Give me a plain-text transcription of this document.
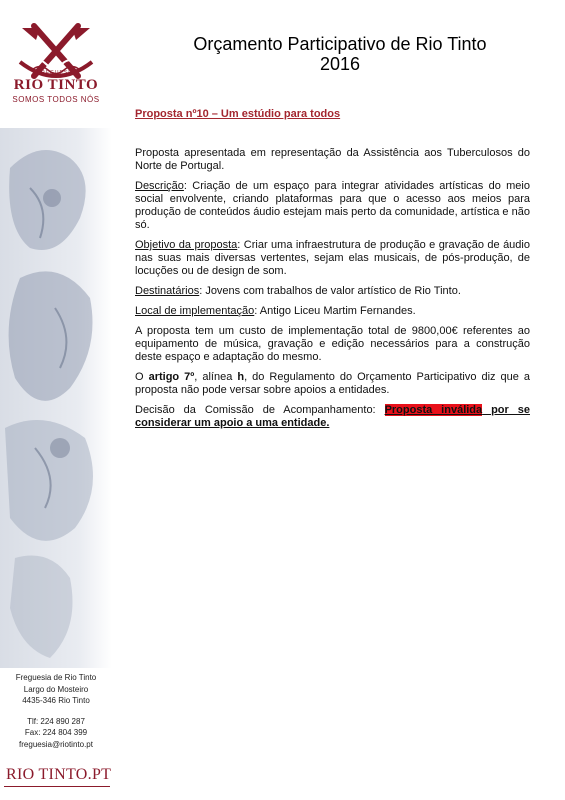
FREGUESIA
RIO TINTO
SOMOS TODOS NÓS
Freguesia de Rio Tinto
Largo do Mosteiro
4435-346 Rio Tinto
Tlf: 224 890 287
Fax: 224 804 399
freguesia@riotinto.pt
RIO TINTO.PT
Orçamento Participativo de Rio Tinto
2016
Proposta nº10 – Um estúdio para todos

Proposta apresentada em representação da Assistência aos Tuberculosos do Norte de Portugal.

Descrição: Criação de um espaço para integrar atividades artísticas do meio social envolvente, criando plataformas para que o acesso aos meios para produção de conteúdos áudio estejam mais perto da comunidade, artística e não só.

Objetivo da proposta: Criar uma infraestrutura de produção e gravação de áudio nas suas mais diversas vertentes, sejam elas musicais, de pós-produção, de locuções ou de design de som.

Destinatários: Jovens com trabalhos de valor artístico de Rio Tinto.

Local de implementação: Antigo Liceu Martim Fernandes.

A proposta tem um custo de implementação total de 9800,00€ referentes ao equipamento de música, gravação e edição necessários para a construção deste espaço e adaptação do mesmo.

O artigo 7º, alínea h, do Regulamento do Orçamento Participativo diz que a proposta não pode versar sobre apoios a entidades.

Decisão da Comissão de Acompanhamento: Proposta inválida por se considerar um apoio a uma entidade.
